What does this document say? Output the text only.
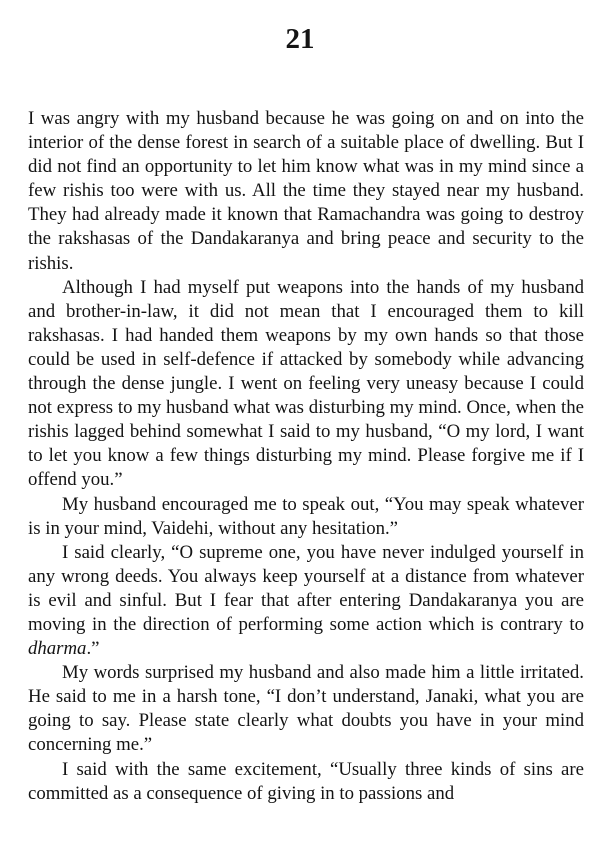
21

I was angry with my husband because he was going on and on into the interior of the dense forest in search of a suitable place of dwelling. But I did not find an opportunity to let him know what was in my mind since a few rishis too were with us. All the time they stayed near my husband. They had already made it known that Ramachandra was going to destroy the rakshasas of the Dandakaranya and bring peace and security to the rishis.

Although I had myself put weapons into the hands of my husband and brother-in-law, it did not mean that I encouraged them to kill rakshasas. I had handed them weapons by my own hands so that those could be used in self-defence if attacked by somebody while advancing through the dense jungle. I went on feeling very uneasy because I could not express to my husband what was disturbing my mind. Once, when the rishis lagged behind somewhat I said to my husband, “O my lord, I want to let you know a few things disturbing my mind. Please forgive me if I offend you.”

My husband encouraged me to speak out, “You may speak whatever is in your mind, Vaidehi, without any hesitation.”

I said clearly, “O supreme one, you have never indulged yourself in any wrong deeds. You always keep yourself at a distance from whatever is evil and sinful. But I fear that after entering Dandakaranya you are moving in the direction of performing some action which is contrary to dharma.”

My words surprised my husband and also made him a little irritated. He said to me in a harsh tone, “I don’t understand, Janaki, what you are going to say. Please state clearly what doubts you have in your mind concerning me.”

I said with the same excitement, “Usually three kinds of sins are committed as a consequence of giving in to passions and
